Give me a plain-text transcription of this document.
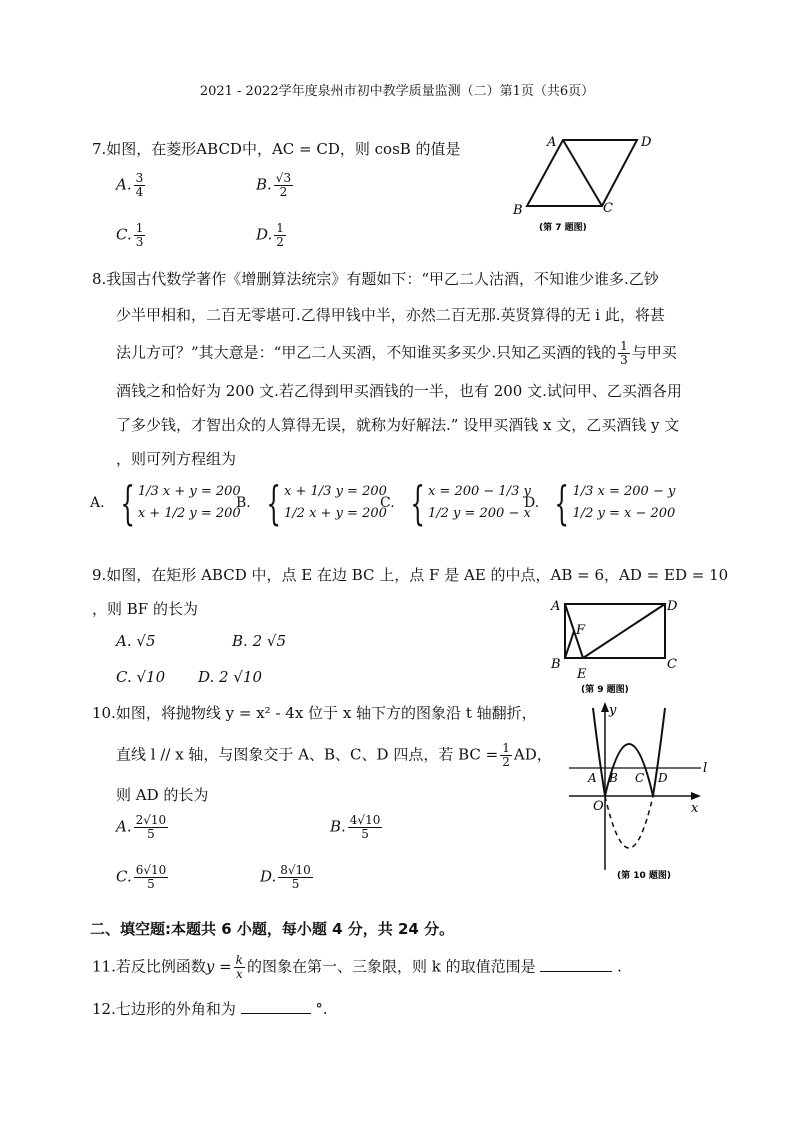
2021 - 2022学年度泉州市初中教学质量监测（二）第1页（共6页）
7.如图，在菱形ABCD中，AC = CD，则 cosB 的值是
A. $\frac{3}{4}$	B. $\frac{√3}{2}$
C. $\frac{1}{3}$	D. $\frac{1}{2}$
A
B	C
D
(第 7 题图)
8.我国古代数学著作《增删算法统宗》有题如下：“甲乙二人沽酒，不知谁少谁多.乙钞
少半甲相和，二百无零堪可.乙得甲钱中半，亦然二百无那.英贤算得的无 i 此，将甚
法儿方可？”其大意是：“甲乙二人买酒，不知谁买多买少.只知乙买酒的钱的 $\frac{1}{3}$ 与甲买
酒钱之和恰好为 200 文.若乙得到甲买酒钱的一半，也有 200 文.试问甲、乙买酒各用
了多少钱，才智出众的人算得无误，就称为好解法.” 设甲买酒钱 x 文，乙买酒钱 y 文
，则可列方程组为
A. { 1/3 x + y = 200
x + 1/2 y = 200
B. { x + 1/3 y = 200
1/2 x + y = 200
C. { x = 200 − 1/3 y
1/2 y = 200 − x
D. { 1/3 x = 200 − y
1/2 y = x − 200
9.如图，在矩形 ABCD 中，点 E 在边 BC 上，点 F 是 AE 的中点，AB = 6，AD = ED = 10
，则 BF 的长为
A. √5	B. 2 √5
C. √10 D. 2 √10
A
B	C
D
E
F
(第 9 题图)
10.如图，将抛物线 y = x² - 4x 位于 x 轴下方的图象沿 t 轴翻折，
直线 l // x 轴，与图象交于 A、B、C、D 四点，若 BC = $\frac{1}{2}$ AD，
则 AD 的长为
A. $\frac{2√10}{5}$	B. $\frac{4√10}{5}$
C. $\frac{6√10}{5}$	D. $\frac{8√10}{5}$
y
x
l
O
A B C D
(第 10 题图)
二、填空题:本题共 6 小题，每小题 4 分，共 24 分。
11.若反比例函数$y = \frac{k}{x}$ 的图象在第一、三象限，则 k 的取值范围是	.
12.七边形的外角和为	°.
